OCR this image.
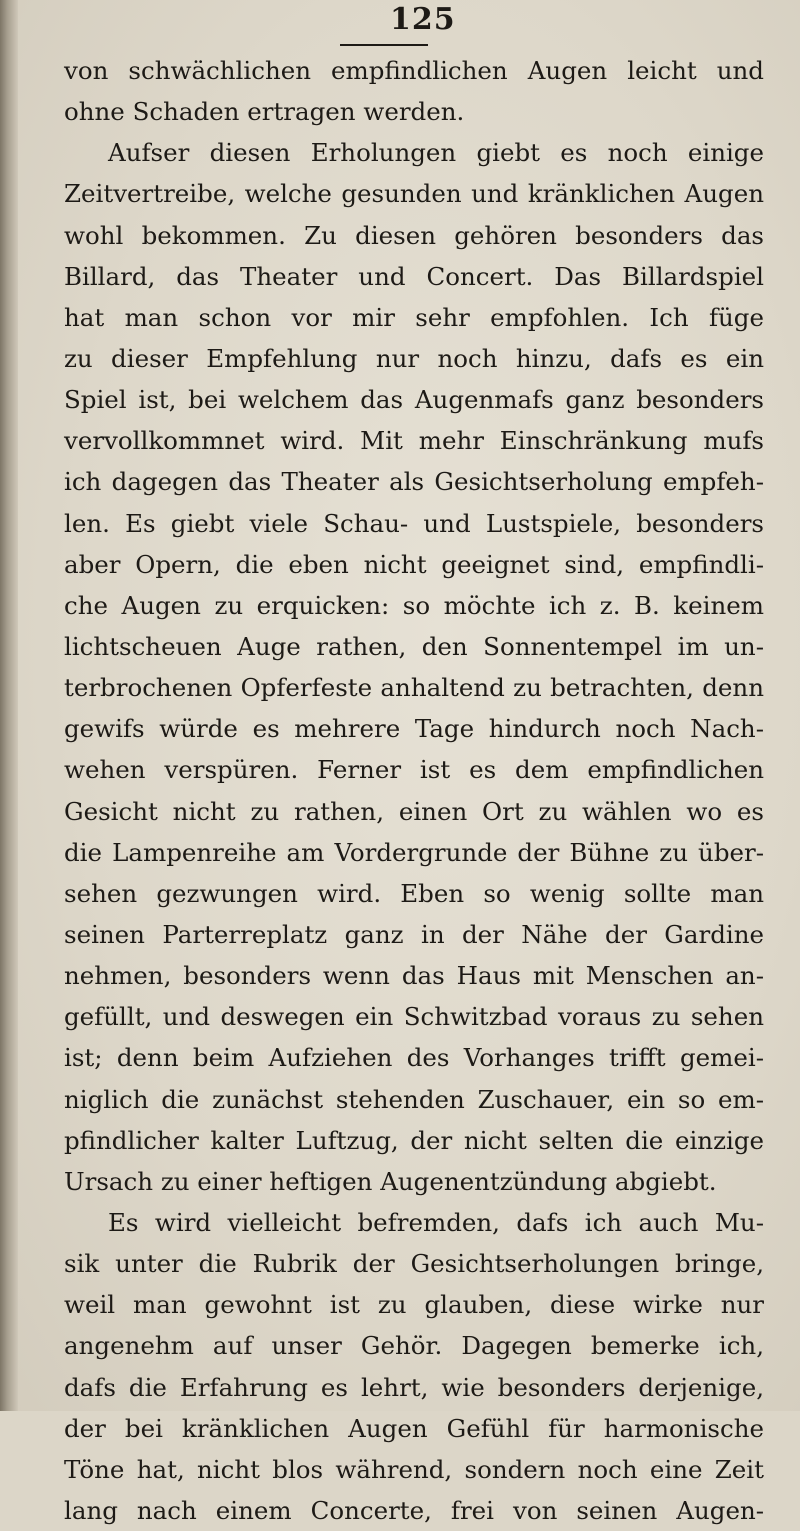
125
von schwächlichen empfindlichen Augen leicht und
ohne Schaden ertragen werden.
Aufser diesen Erholungen giebt es noch einige
Zeitvertreibe, welche gesunden und kränklichen Augen
wohl bekommen. Zu diesen gehören besonders das
Billard, das Theater und Concert. Das Billardspiel
hat man schon vor mir sehr empfohlen. Ich füge
zu dieser Empfehlung nur noch hinzu, dafs es ein
Spiel ist, bei welchem das Augenmafs ganz besonders
vervollkommnet wird. Mit mehr Einschränkung mufs
ich dagegen das Theater als Gesichtserholung empfeh-
len. Es giebt viele Schau- und Lustspiele, besonders
aber Opern, die eben nicht geeignet sind, empfindli-
che Augen zu erquicken: so möchte ich z. B. keinem
lichtscheuen Auge rathen, den Sonnentempel im un-
terbrochenen Opferfeste anhaltend zu betrachten, denn
gewifs würde es mehrere Tage hindurch noch Nach-
wehen verspüren. Ferner ist es dem empfindlichen
Gesicht nicht zu rathen, einen Ort zu wählen wo es
die Lampenreihe am Vordergrunde der Bühne zu über-
sehen gezwungen wird. Eben so wenig sollte man
seinen Parterreplatz ganz in der Nähe der Gardine
nehmen, besonders wenn das Haus mit Menschen an-
gefüllt, und deswegen ein Schwitzbad voraus zu sehen
ist; denn beim Aufziehen des Vorhanges trifft gemei-
niglich die zunächst stehenden Zuschauer, ein so em-
pfindlicher kalter Luftzug, der nicht selten die einzige
Ursach zu einer heftigen Augenentzündung abgiebt.
Es wird vielleicht befremden, dafs ich auch Mu-
sik unter die Rubrik der Gesichtserholungen bringe,
weil man gewohnt ist zu glauben, diese wirke nur
angenehm auf unser Gehör. Dagegen bemerke ich,
dafs die Erfahrung es lehrt, wie besonders derjenige,
der bei kränklichen Augen Gefühl für harmonische
Töne hat, nicht blos während, sondern noch eine Zeit
lang nach einem Concerte, frei von seinen Augen-
